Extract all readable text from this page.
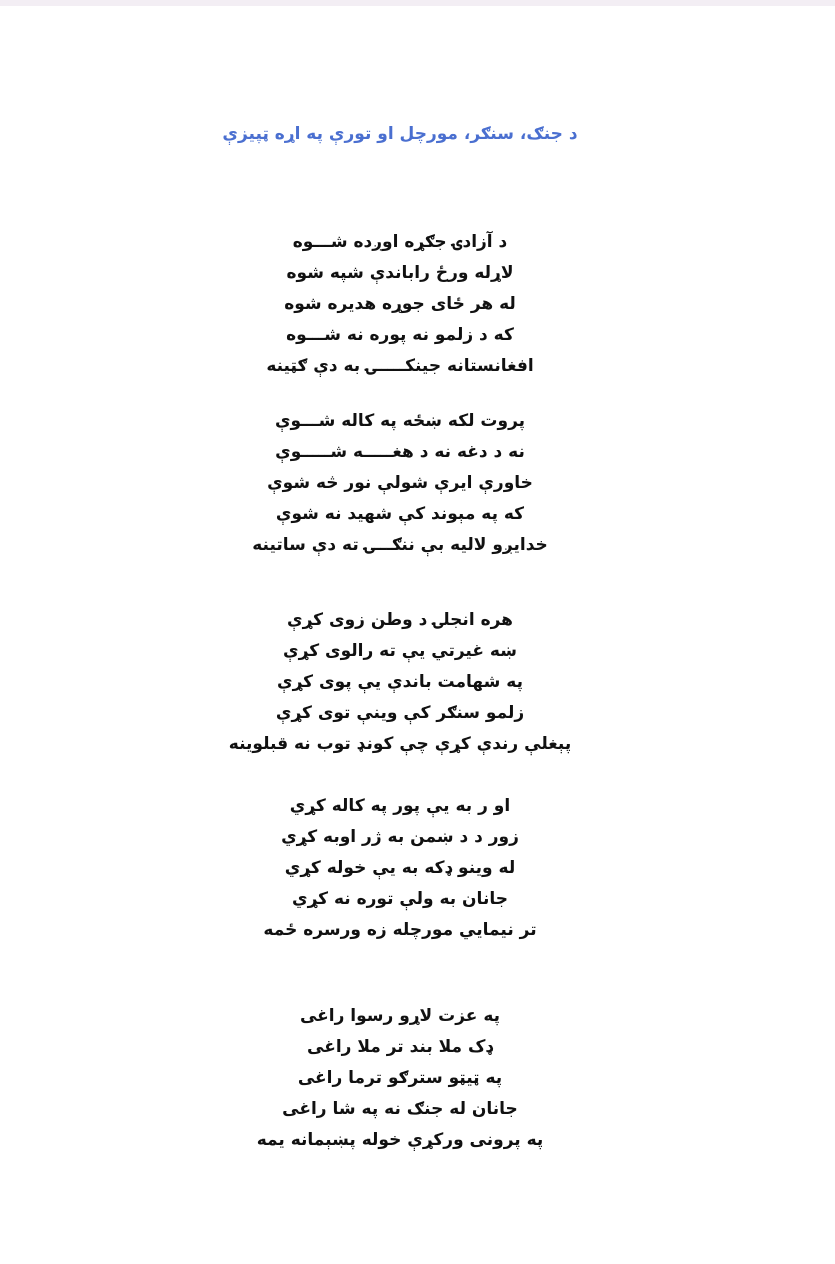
د جنګ، سنګر، مورچل او تورې په اړه ټپيزې
د آزادۍ جګړه اوږده شـــوه
لاړله ورځ راباندې شپه شوه
له هر ځای جوړه هديره شوه
که د زلمو نه پوره نه شـــوه
افغانستانه جينکـــــۍ به دې ګټينه
پروت لکه ښځه په کاله شـــوې
نه د دغه نه د هغـــــه شـــــوې
خاورې ايرې شولې نور څه شوې
که په مېوند کې شهيد نه شوې
خدايږو لاليه بې ننګـــۍ ته دې ساتينه
هره انجلۍ د وطن زوی کړې
ښه غيرتي يې ته رالوی کړې
په شهامت باندې يې پوی کړې
زلمو سنګر کې وينې توی کړې
پېغلې رندې کړې چې کونډ توب نه قبلوينه
او ر به يې پور په کاله کړي
زور د د ښمن به ژر اوبه کړي
له وينو ډکه به يې خوله کړي
جانان به ولې توره نه کړي
تر نيمايي مورچله زه ورسره ځمه
په عزت لاړو رسوا راغی
ډک ملا بند تر ملا راغی
په ټيټو سترګو ترما راغی
جانان له جنګ نه په شا راغی
په پرونی ورکړې خوله پښېمانه يمه
